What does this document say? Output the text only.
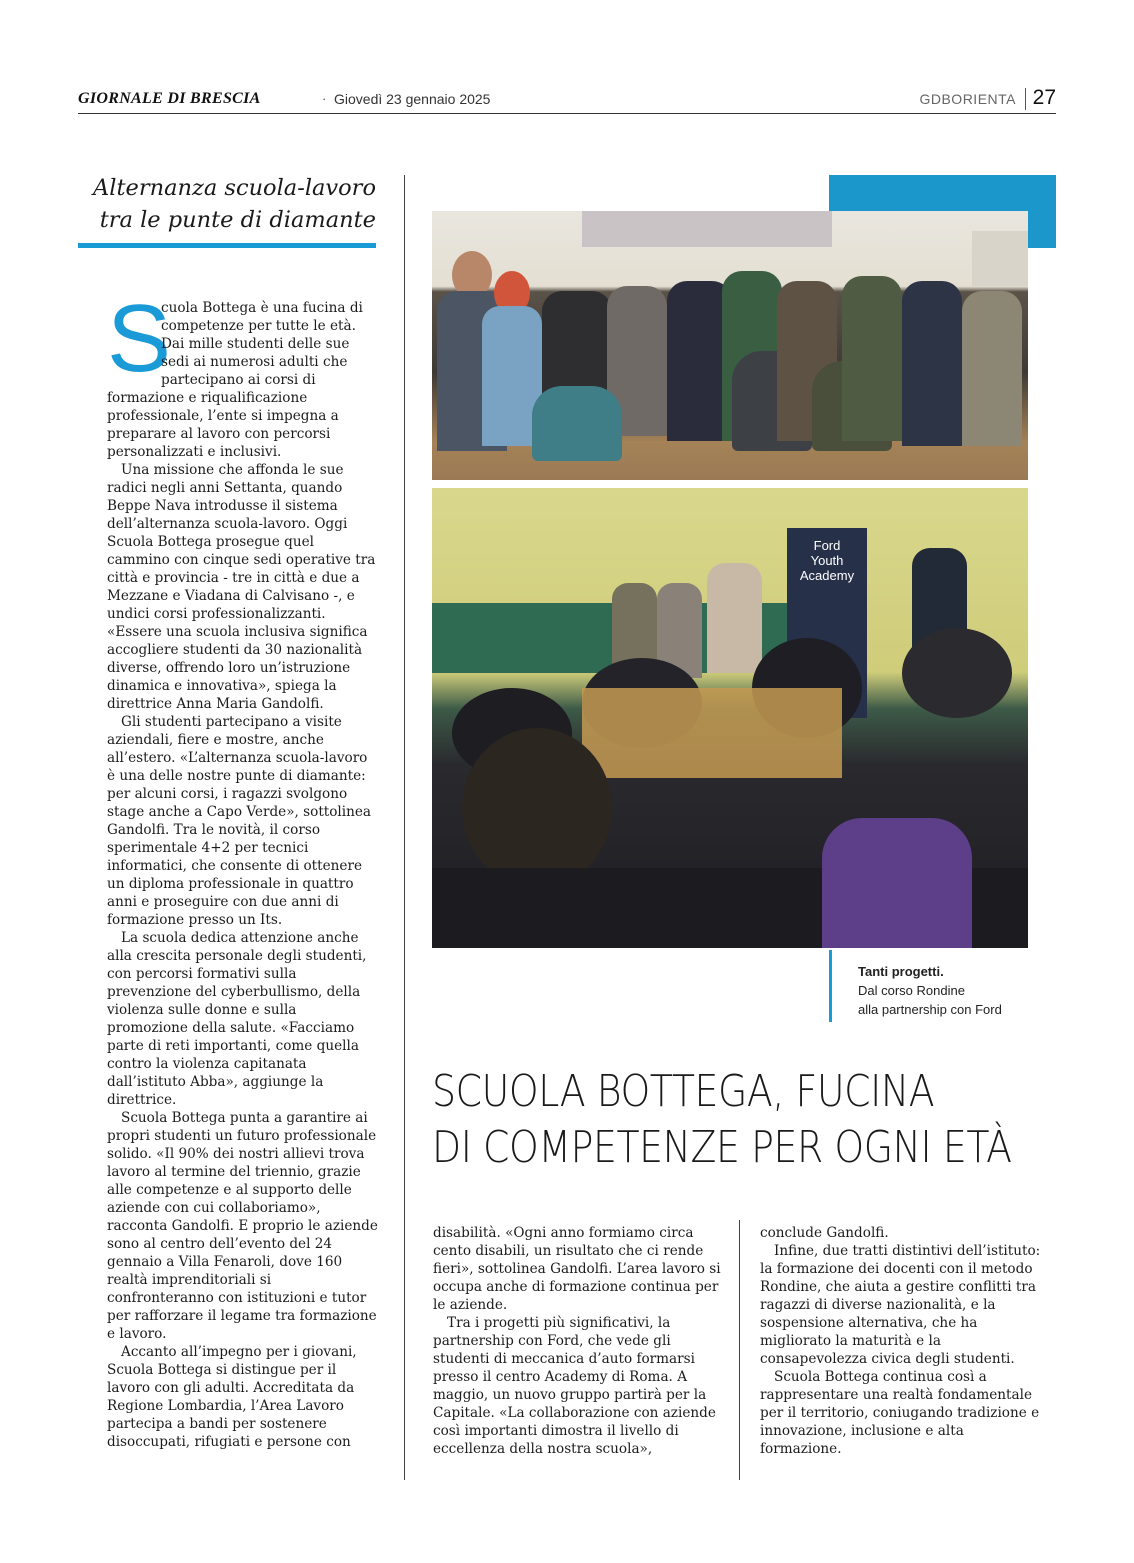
GIORNALE DI BRESCIA	· Giovedì 23 gennaio 2025	GDBORIENTA 27
Alternanza scuola-lavoro
tra le punte di diamante
S

cuola Bottega è una fucina di competenze per tutte le età. Dai mille studenti delle sue sedi ai numerosi adulti che partecipano ai corsi di formazione e riqualificazione professionale, l’ente si impegna a preparare al lavoro con percorsi personalizzati e inclusivi.

Una missione che affonda le sue radici negli anni Settanta, quando Beppe Nava introdusse il sistema dell’alternanza scuola-lavoro. Oggi Scuola Bottega prosegue quel cammino con cinque sedi operative tra città e provincia - tre in città e due a Mezzane e Viadana di Calvisano -, e undici corsi professionalizzanti. «Essere una scuola inclusiva significa accogliere studenti da 30 nazionalità diverse, offrendo loro un’istruzione dinamica e innovativa», spiega la direttrice Anna Maria Gandolfi.

Gli studenti partecipano a visite aziendali, fiere e mostre, anche all’estero. «L’alternanza scuola-lavoro è una delle nostre punte di diamante: per alcuni corsi, i ragazzi svolgono stage anche a Capo Verde», sottolinea Gandolfi. Tra le novità, il corso sperimentale 4+2 per tecnici informatici, che consente di ottenere un diploma professionale in quattro anni e proseguire con due anni di formazione presso un Its.

La scuola dedica attenzione anche alla crescita personale degli studenti, con percorsi formativi sulla prevenzione del cyberbullismo, della violenza sulle donne e sulla promozione della salute. «Facciamo parte di reti importanti, come quella contro la violenza capitanata dall’istituto Abba», aggiunge la direttrice.

Scuola Bottega punta a garantire ai propri studenti un futuro professionale solido. «Il 90% dei nostri allievi trova lavoro al termine del triennio, grazie alle competenze e al supporto delle aziende con cui collaboriamo», racconta Gandolfi. E proprio le aziende sono al centro dell’evento del 24 gennaio a Villa Fenaroli, dove 160 realtà imprenditoriali si confronteranno con istituzioni e tutor per rafforzare il legame tra formazione e lavoro.

Accanto all’impegno per i giovani, Scuola Bottega si distingue per il lavoro con gli adulti. Accreditata da Regione Lombardia, l’Area Lavoro partecipa a bandi per sostenere disoccupati, rifugiati e persone con

Ford
Youth
Academy
Tanti progetti.
Dal corso Rondine
alla partnership con Ford
SCUOLA BOTTEGA, FUCINA
DI COMPETENZE PER OGNI ETÀ

disabilità. «Ogni anno formiamo circa cento disabili, un risultato che ci rende fieri», sottolinea Gandolfi. L’area lavoro si occupa anche di formazione continua per le aziende.

Tra i progetti più significativi, la partnership con Ford, che vede gli studenti di meccanica d’auto formarsi presso il centro Academy di Roma. A maggio, un nuovo gruppo partirà per la Capitale. «La collaborazione con aziende così importanti dimostra il livello di eccellenza della nostra scuola»,

conclude Gandolfi.

Infine, due tratti distintivi dell’istituto: la formazione dei docenti con il metodo Rondine, che aiuta a gestire conflitti tra ragazzi di diverse nazionalità, e la sospensione alternativa, che ha migliorato la maturità e la consapevolezza civica degli studenti.

Scuola Bottega continua così a rappresentare una realtà fondamentale per il territorio, coniugando tradizione e innovazione, inclusione e alta formazione.
